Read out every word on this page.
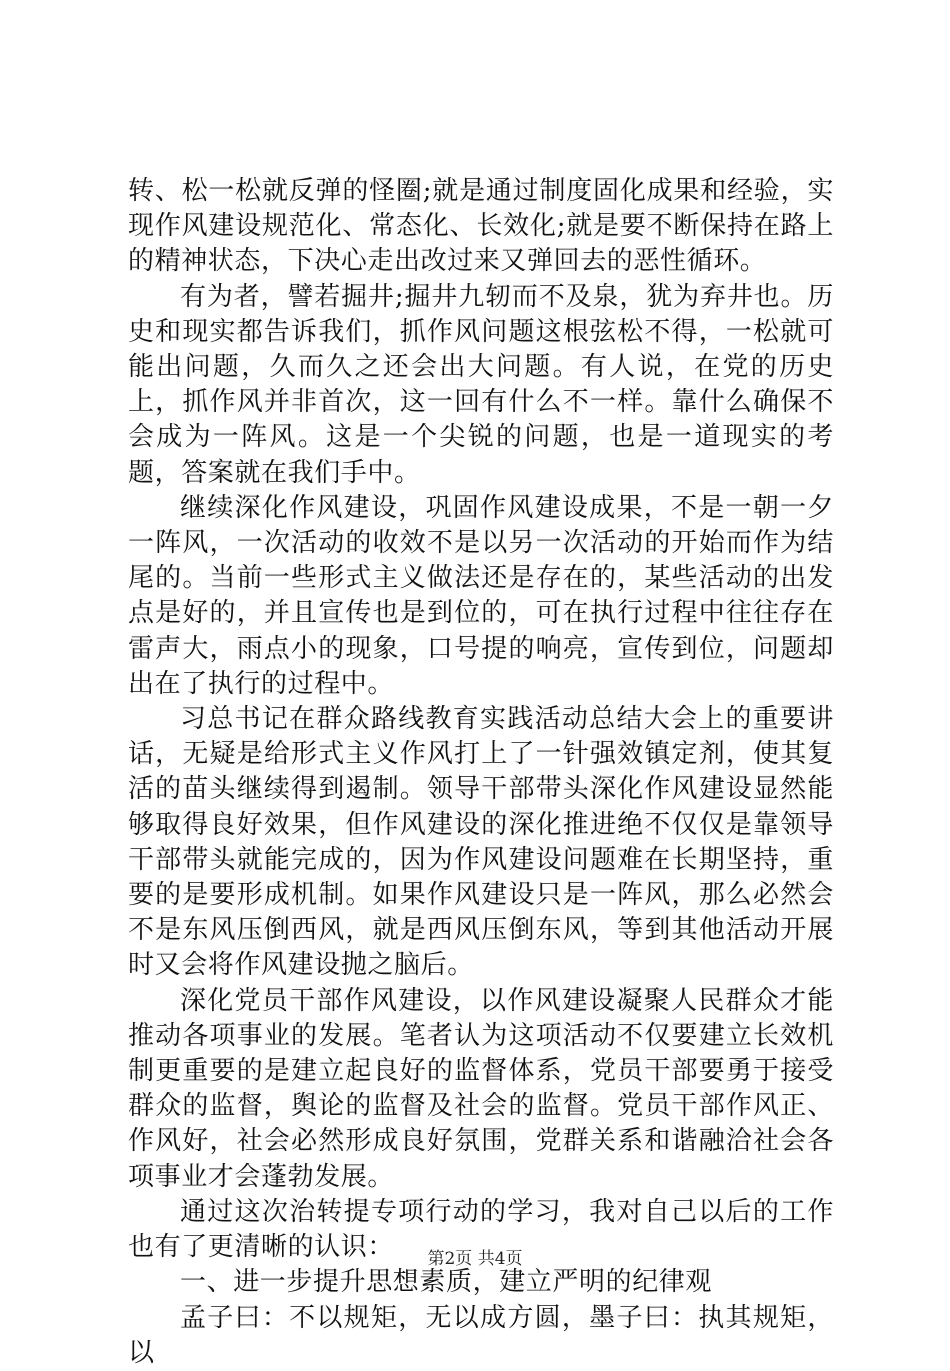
转、松一松就反弹的怪圈;就是通过制度固化成果和经验，实现作风建设规范化、常态化、长效化;就是要不断保持在路上的精神状态，下决心走出改过来又弹回去的恶性循环。

有为者，譬若掘井;掘井九轫而不及泉，犹为弃井也。历史和现实都告诉我们，抓作风问题这根弦松不得，一松就可能出问题，久而久之还会出大问题。有人说，在党的历史上，抓作风并非首次，这一回有什么不一样。靠什么确保不会成为一阵风。这是一个尖锐的问题，也是一道现实的考题，答案就在我们手中。

继续深化作风建设，巩固作风建设成果，不是一朝一夕一阵风，一次活动的收效不是以另一次活动的开始而作为结尾的。当前一些形式主义做法还是存在的，某些活动的出发点是好的，并且宣传也是到位的，可在执行过程中往往存在雷声大，雨点小的现象，口号提的响亮，宣传到位，问题却出在了执行的过程中。

习总书记在群众路线教育实践活动总结大会上的重要讲话，无疑是给形式主义作风打上了一针强效镇定剂，使其复活的苗头继续得到遏制。领导干部带头深化作风建设显然能够取得良好效果，但作风建设的深化推进绝不仅仅是靠领导干部带头就能完成的，因为作风建设问题难在长期坚持，重要的是要形成机制。如果作风建设只是一阵风，那么必然会不是东风压倒西风，就是西风压倒东风，等到其他活动开展时又会将作风建设抛之脑后。

深化党员干部作风建设，以作风建设凝聚人民群众才能推动各项事业的发展。笔者认为这项活动不仅要建立长效机制更重要的是建立起良好的监督体系，党员干部要勇于接受群众的监督，舆论的监督及社会的监督。党员干部作风正、作风好，社会必然形成良好氛围，党群关系和谐融洽社会各项事业才会蓬勃发展。

通过这次治转提专项行动的学习，我对自己以后的工作也有了更清晰的认识：

一、进一步提升思想素质，建立严明的纪律观

孟子曰：不以规矩，无以成方圆，墨子曰：执其规矩，以

第2页 共4页
